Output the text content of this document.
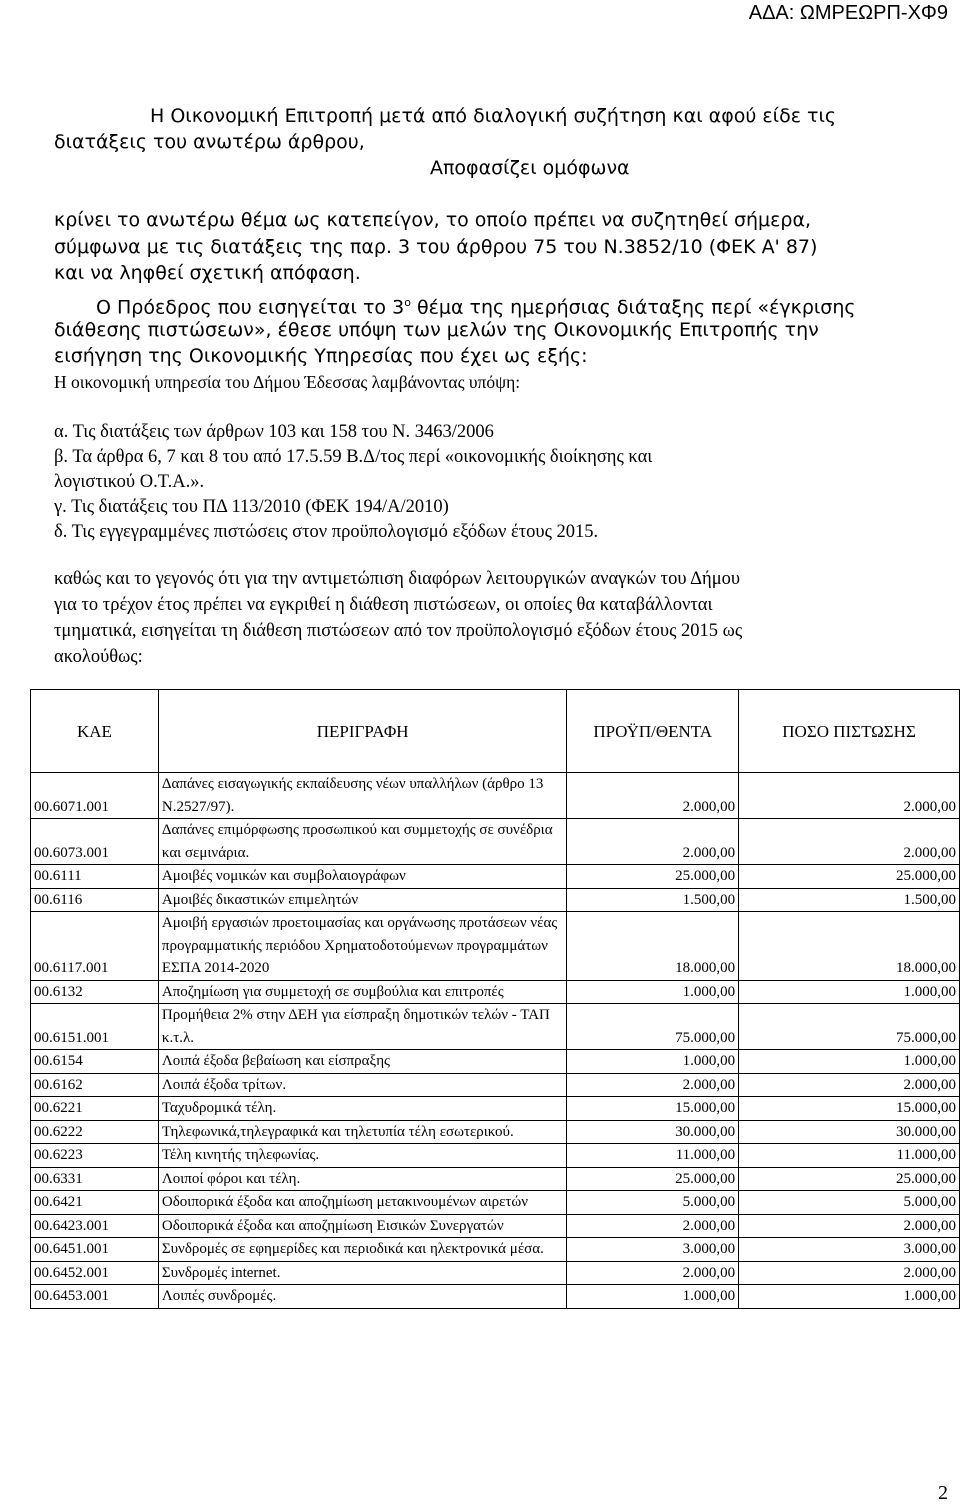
ΑΔΑ: ΩΜΡΕΩΡΠ-ΧΦ9

Η Οικονομική Επιτροπή μετά από διαλογική συζήτηση και αφού είδε τις

διατάξεις του ανωτέρω άρθρου,

Αποφασίζει ομόφωνα

κρίνει το ανωτέρω θέμα ως κατεπείγον, το οποίο πρέπει να συζητηθεί σήμερα,

σύμφωνα με τις διατάξεις της παρ. 3 του άρθρου 75 του Ν.3852/10 (ΦΕΚ Α' 87)

και να ληφθεί σχετική απόφαση.

Ο Πρόεδρος που εισηγείται το $3^o$ θέμα της ημερήσιας διάταξης περί «έγκρισης

διάθεσης πιστώσεων», έθεσε υπόψη των μελών της Οικονομικής Επιτροπής την

εισήγηση της Οικονομικής Υπηρεσίας που έχει ως εξής:

Η οικονομική υπηρεσία του Δήμου Έδεσσας λαμβάνοντας υπόψη:

α. Τις διατάξεις των άρθρων 103 και 158 του Ν. 3463/2006

β. Τα άρθρα 6, 7 και 8 του από 17.5.59 Β.Δ/τος περί «οικονομικής διοίκησης και

λογιστικού Ο.Τ.Α.».

γ. Τις διατάξεις του ΠΔ 113/2010 (ΦΕΚ 194/Α/2010)

δ. Τις εγγεγραμμένες πιστώσεις στον προϋπολογισμό εξόδων έτους 2015.

καθώς και το γεγονός ότι για την αντιμετώπιση διαφόρων λειτουργικών αναγκών του Δήμου

για το τρέχον έτος πρέπει να εγκριθεί η διάθεση πιστώσεων, οι οποίες θα καταβάλλονται

τμηματικά, εισηγείται τη διάθεση πιστώσεων από τον προϋπολογισμό εξόδων έτους 2015 ως

ακολούθως:

ΚΑΕ	ΠΕΡΙΓΡΑΦΗ	ΠΡΟΫΠ/ΘΕΝΤΑ	ΠΟΣΟ ΠΙΣΤΩΣΗΣ
00.6071.001	Δαπάνες εισαγωγικής εκπαίδευσης νέων υπαλλήλων (άρθρο 13 Ν.2527/97).	2.000,00	2.000,00
00.6073.001	Δαπάνες επιμόρφωσης προσωπικού και συμμετοχής σε συνέδρια και σεμινάρια.	2.000,00	2.000,00
00.6111	Αμοιβές νομικών και συμβολαιογράφων	25.000,00	25.000,00
00.6116	Αμοιβές δικαστικών επιμελητών	1.500,00	1.500,00
00.6117.001	Αμοιβή εργασιών προετοιμασίας και οργάνωσης προτάσεων νέας προγραμματικής περιόδου Χρηματοδοτούμενων προγραμμάτων ΕΣΠΑ 2014-2020	18.000,00	18.000,00
00.6132	Αποζημίωση για συμμετοχή σε συμβούλια και επιτροπές	1.000,00	1.000,00
00.6151.001	Προμήθεια 2% στην ΔΕΗ για είσπραξη δημοτικών τελών - ΤΑΠ κ.τ.λ.	75.000,00	75.000,00
00.6154	Λοιπά έξοδα βεβαίωση και είσπραξης	1.000,00	1.000,00
00.6162	Λοιπά έξοδα τρίτων.	2.000,00	2.000,00
00.6221	Ταχυδρομικά τέλη.	15.000,00	15.000,00
00.6222	Τηλεφωνικά,τηλεγραφικά και τηλετυπία τέλη εσωτερικού.	30.000,00	30.000,00
00.6223	Τέλη κινητής τηλεφωνίας.	11.000,00	11.000,00
00.6331	Λοιποί φόροι και τέλη.	25.000,00	25.000,00
00.6421	Οδοιπορικά έξοδα και αποζημίωση μετακινουμένων αιρετών	5.000,00	5.000,00
00.6423.001	Οδοιπορικά έξοδα και αποζημίωση Εισικών Συνεργατών	2.000,00	2.000,00
00.6451.001	Συνδρομές σε εφημερίδες και περιοδικά και ηλεκτρονικά μέσα.	3.000,00	3.000,00
00.6452.001	Συνδρομές internet.	2.000,00	2.000,00
00.6453.001	Λοιπές συνδρομές.	1.000,00	1.000,00
2
